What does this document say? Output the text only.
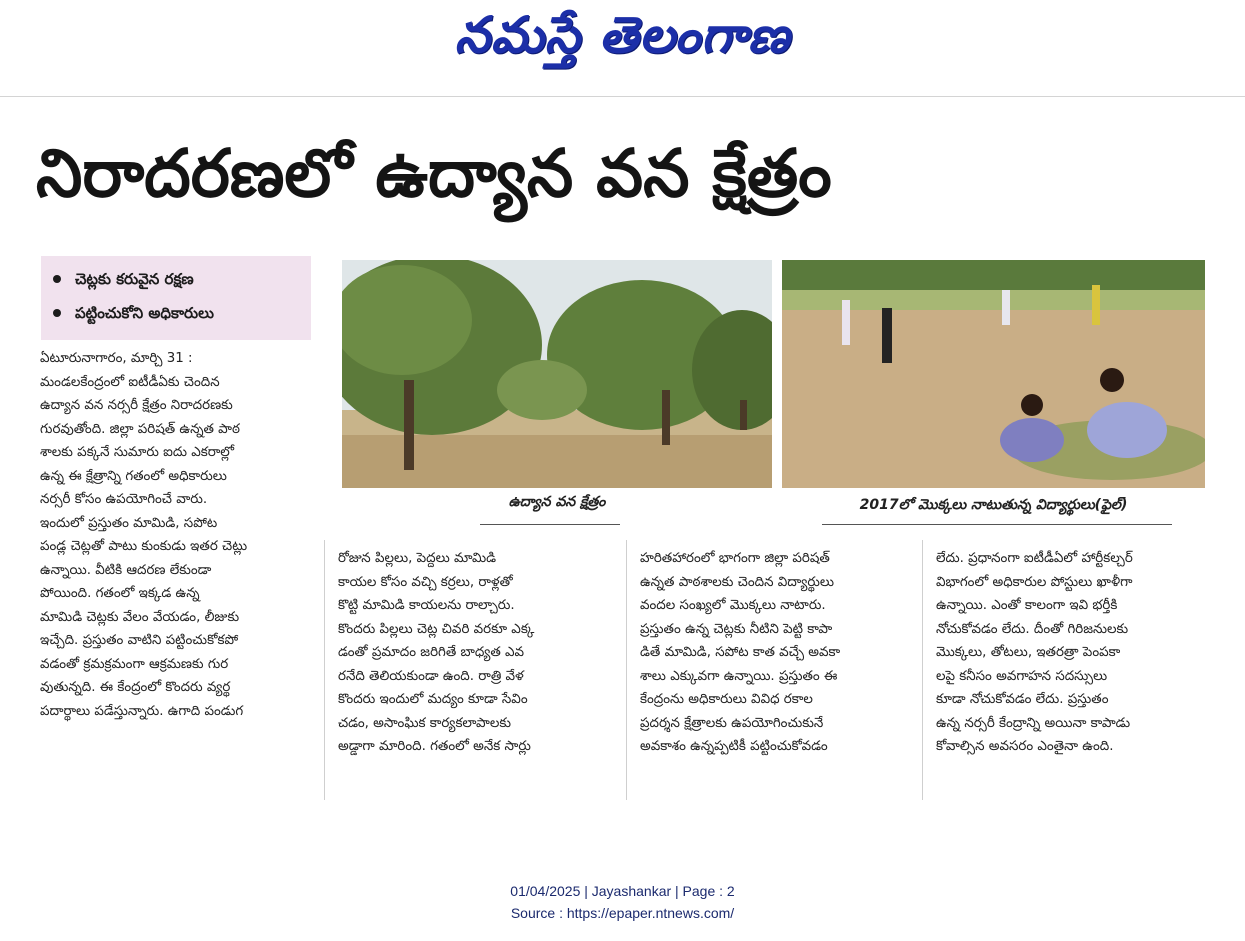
నమస్తే తెలంగాణ
నిరాదరణలో ఉద్యాన వన క్షేత్రం
చెట్లకు కరువైన రక్షణ
పట్టించుకోని అధికారులు
ఉద్యాన వన క్షేత్రం	2017లో మొక్కలు నాటుతున్న విద్యార్థులు(ఫైల్)

ఏటూరునాగారం, మార్చి 31 :

మండలకేంద్రంలో ఐటీడీఏకు చెందిన

ఉద్యాన వన నర్సరీ క్షేత్రం నిరాదరణకు

గురవుతోంది. జిల్లా పరిషత్ ఉన్నత పాఠ

శాలకు పక్కనే సుమారు ఐదు ఎకరాల్లో

ఉన్న ఈ క్షేత్రాన్ని గతంలో అధికారులు

నర్సరీ కోసం ఉపయోగించే వారు.

ఇందులో ప్రస్తుతం మామిడి, సపోట

పండ్ల చెట్లతో పాటు కుంకుడు ఇతర చెట్లు

ఉన్నాయి. వీటికి ఆదరణ లేకుండా

పోయింది. గతంలో ఇక్కడ ఉన్న

మామిడి చెట్లకు వేలం వేయడం, లీజుకు

ఇచ్చేది. ప్రస్తుతం వాటిని పట్టించుకోకపో

వడంతో క్రమక్రమంగా ఆక్రమణకు గుర

వుతున్నది. ఈ కేంద్రంలో కొందరు వ్యర్థ

పదార్థాలు పడేస్తున్నారు. ఉగాది పండుగ

రోజున పిల్లలు, పెద్దలు మామిడి

కాయల కోసం వచ్చి కర్రలు, రాళ్లతో

కొట్టి మామిడి కాయలను రాల్చారు.

కొందరు పిల్లలు చెట్ల చివరి వరకూ ఎక్క

డంతో ప్రమాదం జరిగితే బాధ్యత ఎవ

రనేది తెలియకుండా ఉంది. రాత్రి వేళ

కొందరు ఇందులో మద్యం కూడా సేవిం

చడం, అసాంఘిక కార్యకలాపాలకు

అడ్డాగా మారింది. గతంలో అనేక సార్లు

హరితహారంలో భాగంగా జిల్లా పరిషత్

ఉన్నత పాఠశాలకు చెందిన విద్యార్థులు

వందల సంఖ్యలో మొక్కలు నాటారు.

ప్రస్తుతం ఉన్న చెట్లకు నీటిని పెట్టి కాపా

డితే మామిడి, సపోట కాత వచ్చే అవకా

శాలు ఎక్కువగా ఉన్నాయి. ప్రస్తుతం ఈ

కేంద్రంను అధికారులు వివిధ రకాల

ప్రదర్శన క్షేత్రాలకు ఉపయోగించుకునే

అవకాశం ఉన్నప్పటికీ పట్టించుకోవడం

లేదు. ప్రధానంగా ఐటీడీఏలో హార్టీకల్చర్

విభాగంలో అధికారుల పోస్టులు ఖాళీగా

ఉన్నాయి. ఎంతో కాలంగా ఇవి భర్తీకి

నోచుకోవడం లేదు. దీంతో గిరిజనులకు

మొక్కలు, తోటలు, ఇతరత్రా పెంపకా

లపై కనీసం అవగాహన సదస్సులు

కూడా నోచుకోవడం లేదు. ప్రస్తుతం

ఉన్న నర్సరీ కేంద్రాన్ని అయినా కాపాడు

కోవాల్సిన అవసరం ఎంతైనా ఉంది.

01/04/2025 | Jayashankar | Page : 2
Source : https://epaper.ntnews.com/
